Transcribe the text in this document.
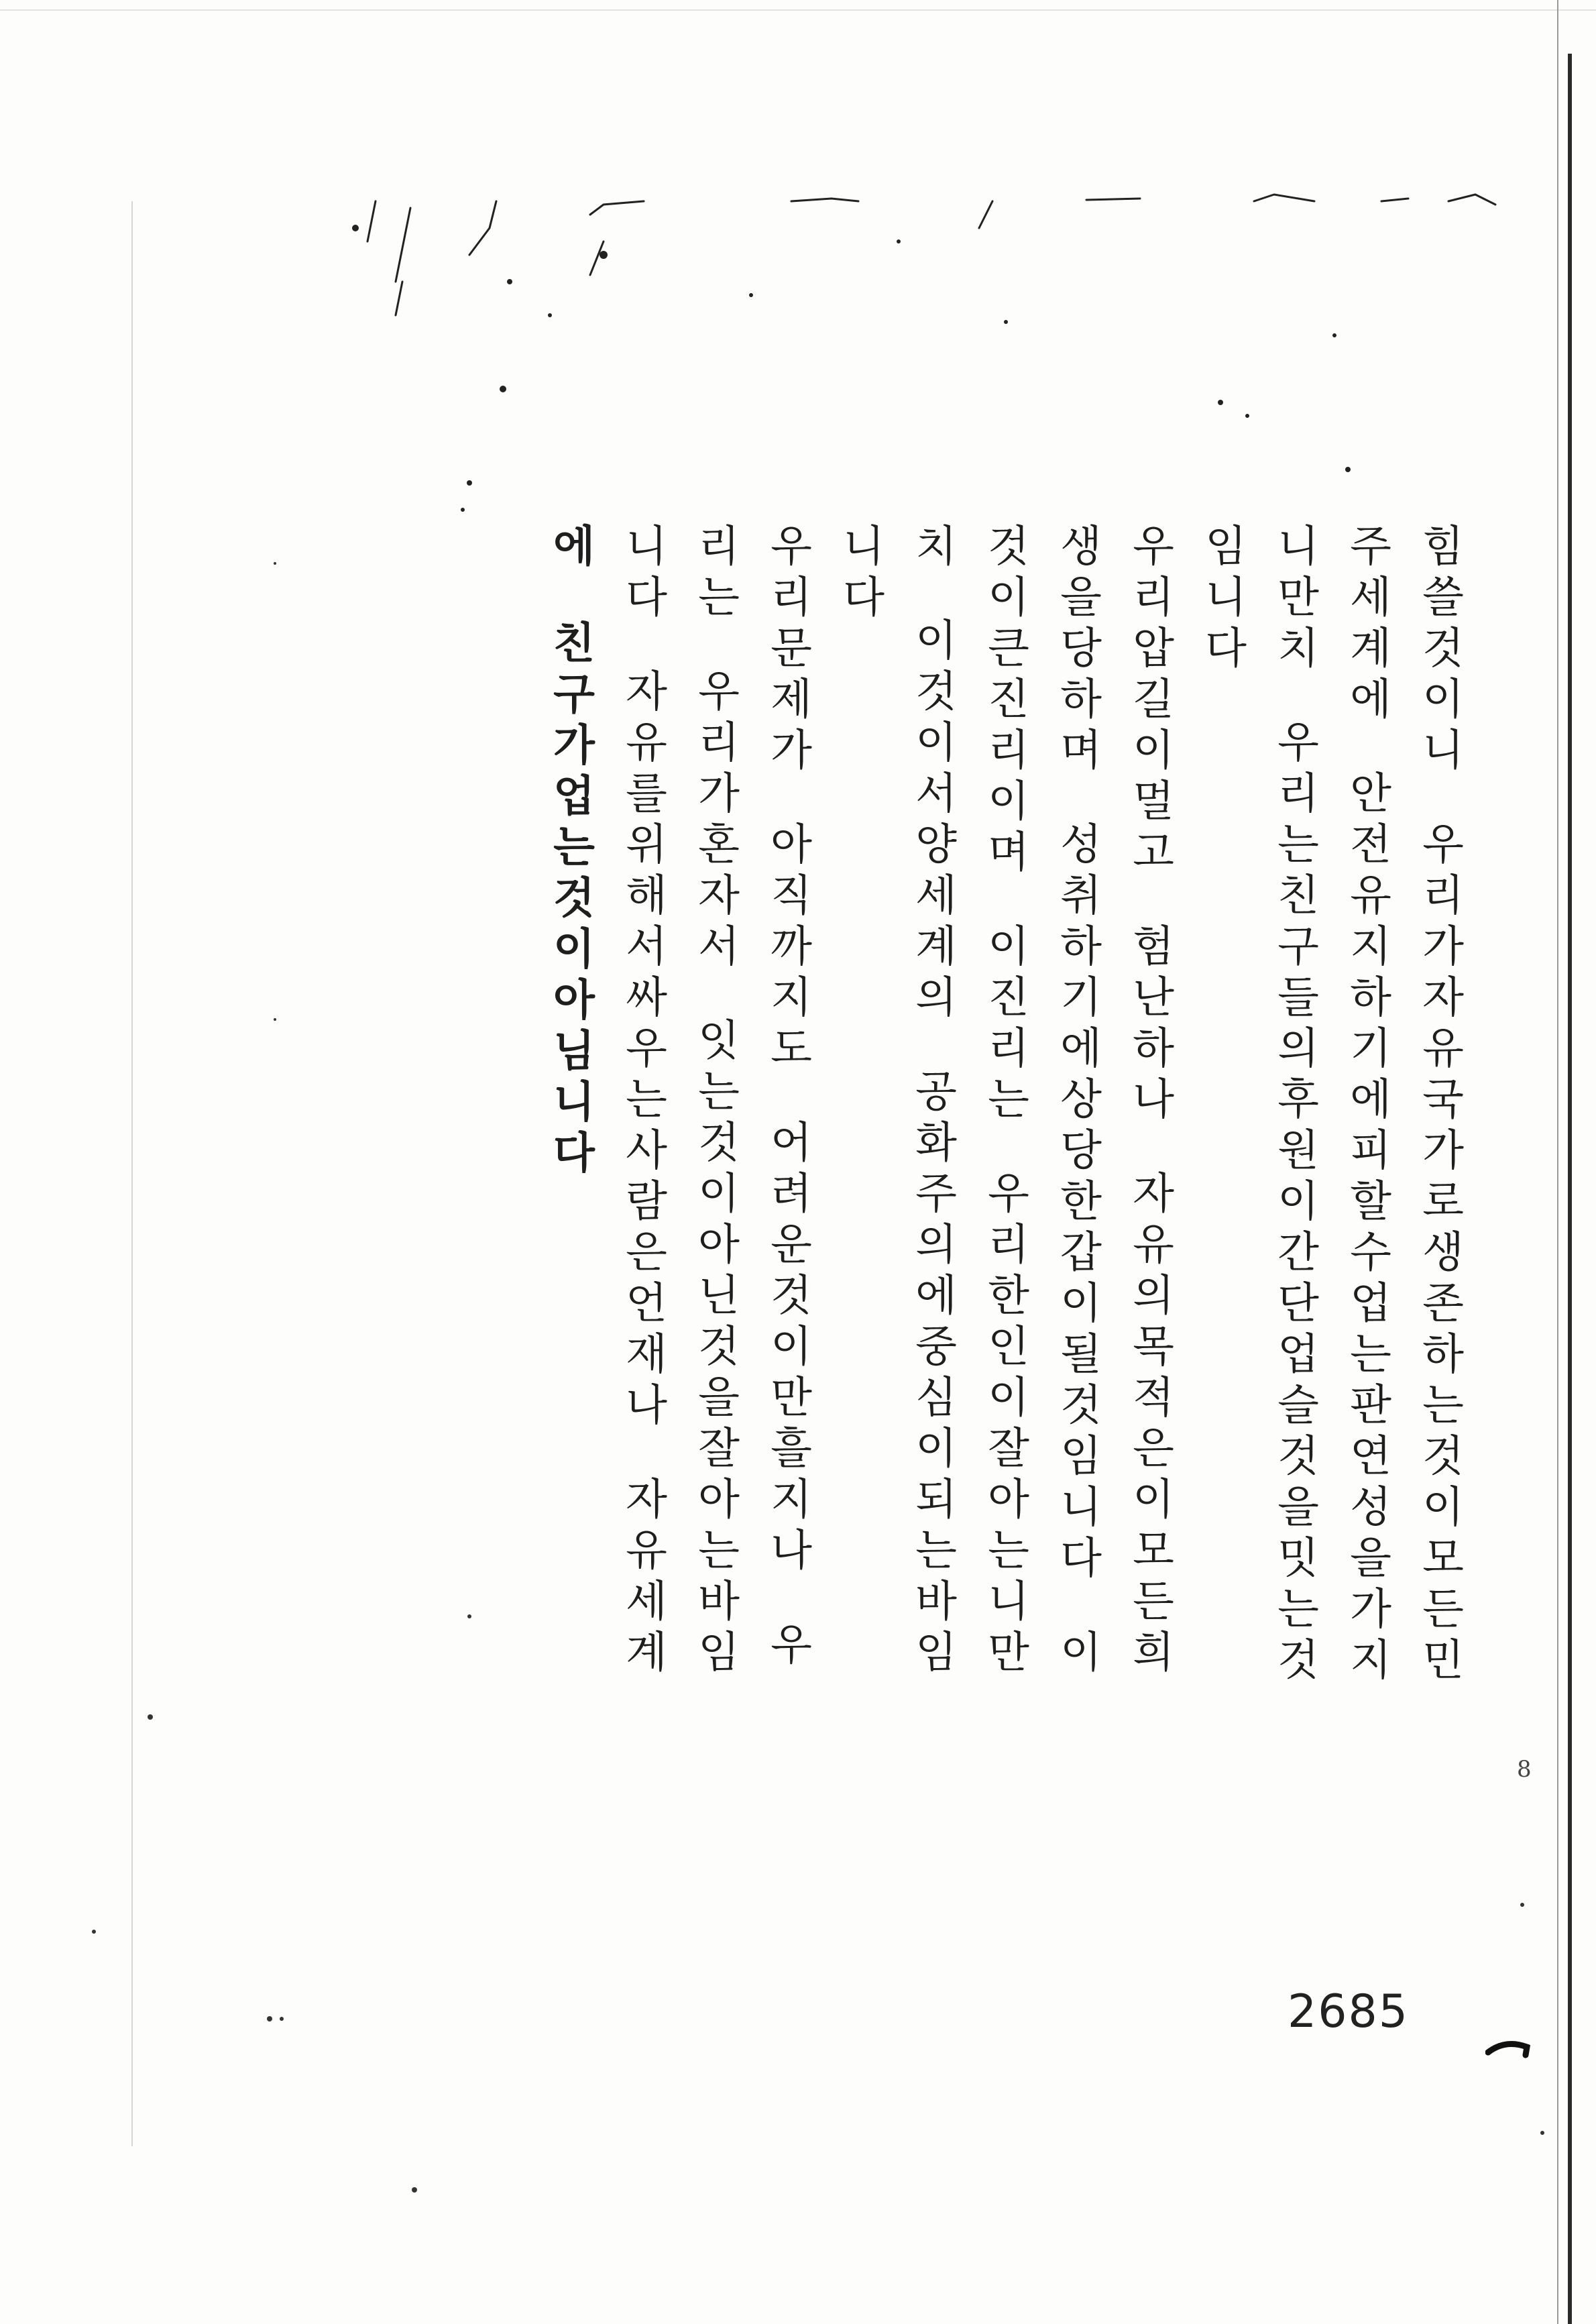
힘쓸것이니  우리가자유국가로생존하는것이모든민

주세계에  안전유지하기에피할수업는판연성을가지

니만치  우리는친구들의후원이간단업슬것을밋는것

임니다

우리압길이멀고  험난하나  자유의목적은이모든희

생을당하며  성취하기에상당한갑이될것임니다  이

것이큰진리이며  이진리는  우리한인이잘아는니만

치  이것이서양세계의  공화주의에중심이되는바임

니다

우리문제가  아직까지도  어려운것이만흘지나  우

리는  우리가혼자서  잇는것이아닌것을잘아는바임

니다  자유를위해서싸우는사람은언재나  자유세계

에  친구가업는것이아님니다

8
2685
